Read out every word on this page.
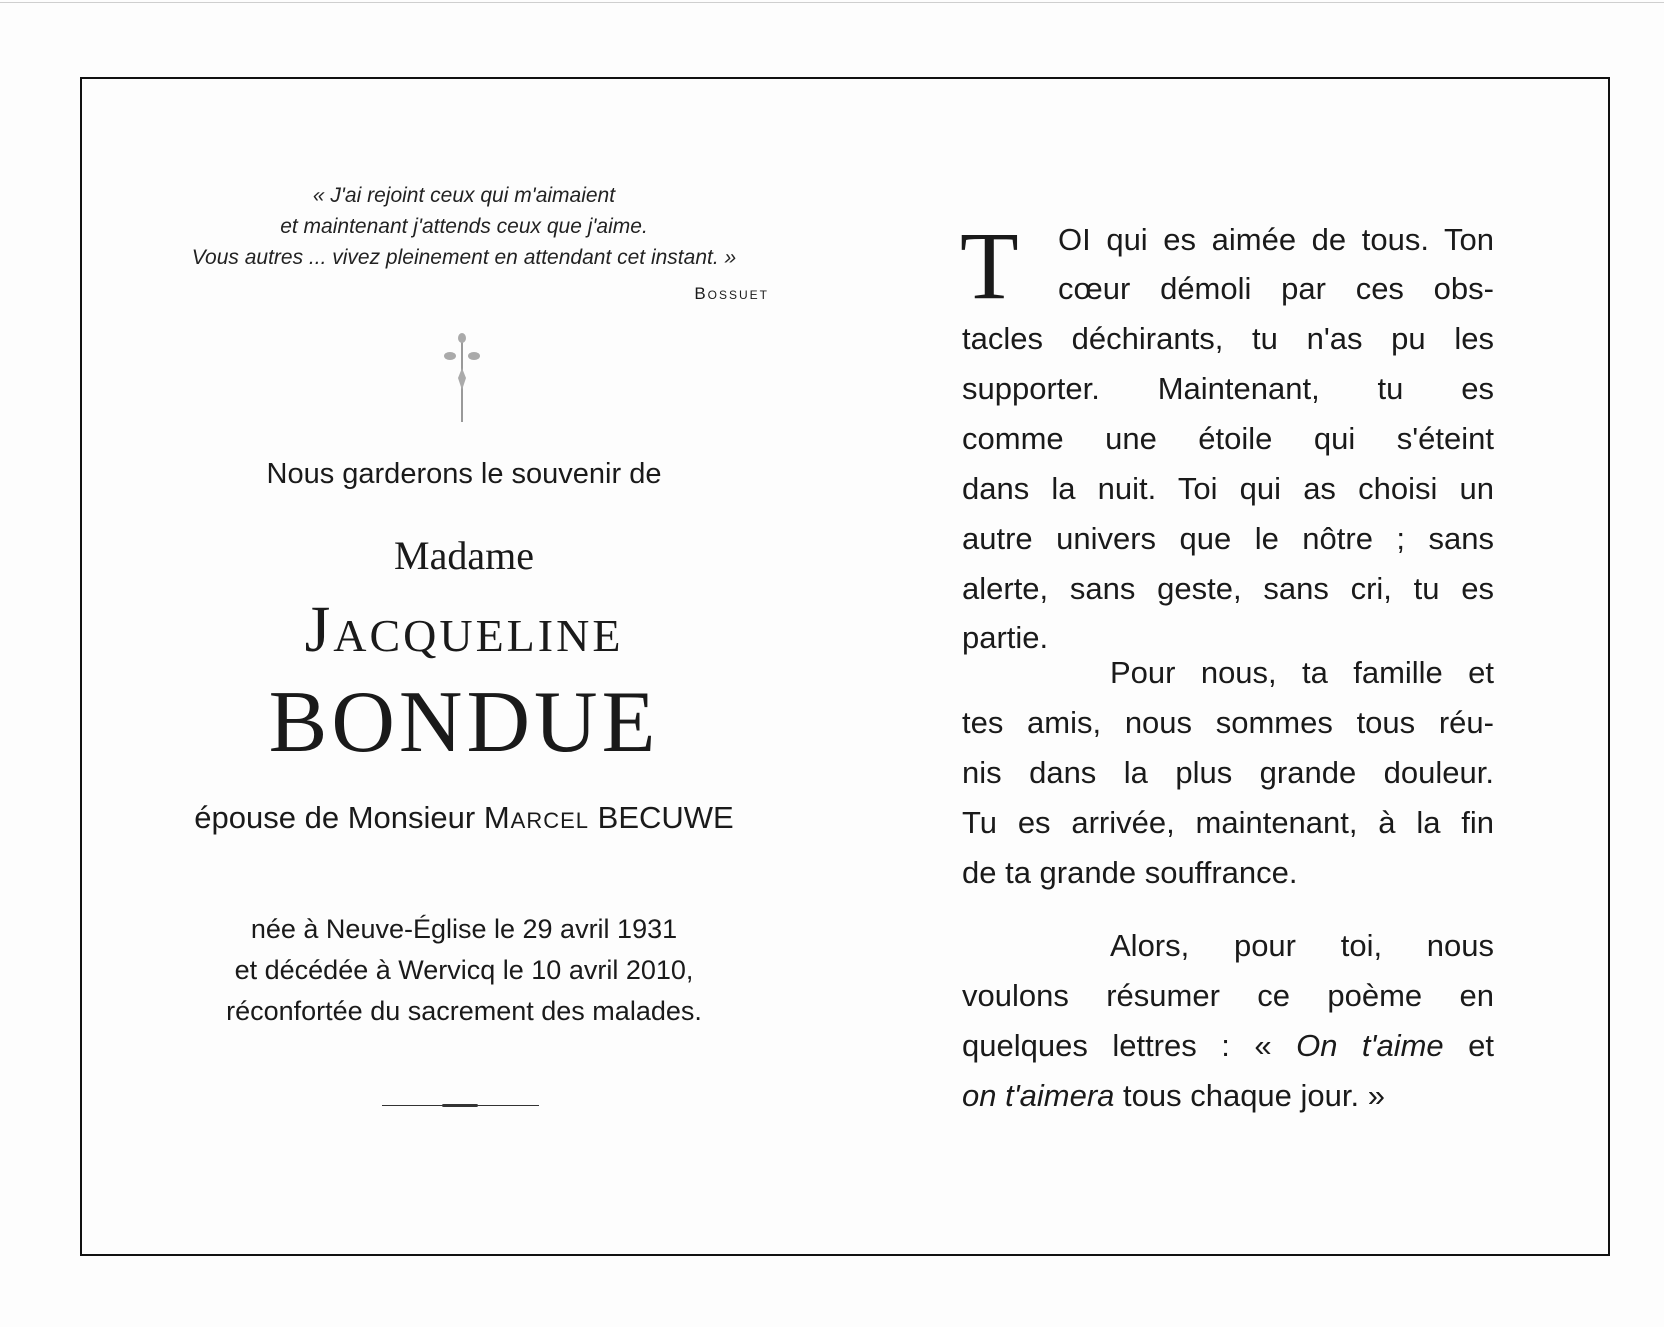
« J'ai rejoint ceux qui m'aimaient
et maintenant j'attends ceux que j'aime.
Vous autres ... vivez pleinement en attendant cet instant. »
Bossuet
Nous garderons le souvenir de
Madame
Jacqueline
BONDUE
épouse de Monsieur Marcel BECUWE
née à Neuve-Église le 29 avril 1931
et décédée à Wervicq le 10 avril 2010,
réconfortée du sacrement des malades.
T OI qui es aimée de tous. Ton
cœur démoli par ces obs-
tacles déchirants, tu n'as pu les
supporter. Maintenant, tu es
comme une étoile qui s'éteint
dans la nuit. Toi qui as choisi un
autre univers que le nôtre ; sans
alerte, sans geste, sans cri, tu es
partie.
Pour nous, ta famille et
tes amis, nous sommes tous réu-
nis dans la plus grande douleur.
Tu es arrivée, maintenant, à la fin
de ta grande souffrance.
Alors, pour toi, nous
voulons résumer ce poème en
quelques lettres : « On t'aime et
on t'aimera tous chaque jour. »
